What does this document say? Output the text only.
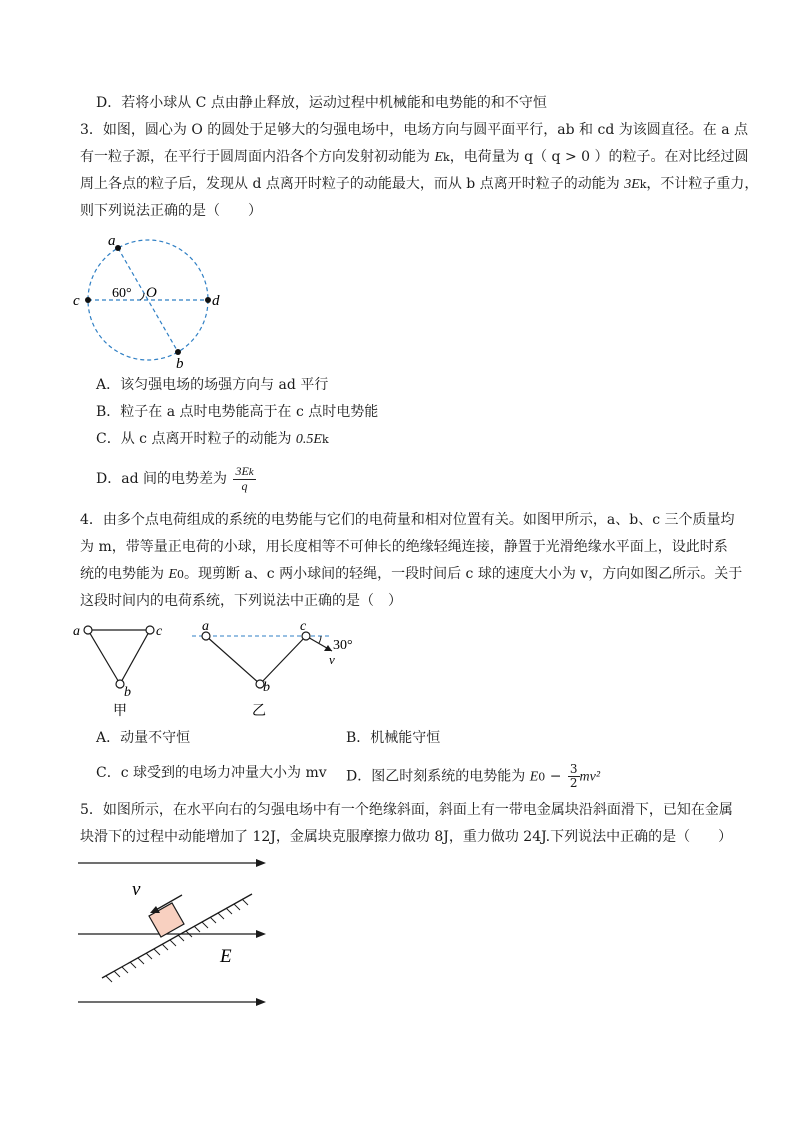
D．若将小球从 C 点由静止释放，运动过程中机械能和电势能的和不守恒
3．如图，圆心为 O 的圆处于足够大的匀强电场中，电场方向与圆平面平行，ab 和 cd 为该圆直径。在 a 点
有一粒子源，在平行于圆周面内沿各个方向发射初动能为 Ek，电荷量为 q（ q > 0 ）的粒子。在对比经过圆
周上各点的粒子后，发现从 d 点离开时粒子的动能最大，而从 b 点离开时粒子的动能为 3Ek，不计粒子重力，
则下列说法正确的是（　　）
a
b
c	d
O
60°
A．该匀强电场的场强方向与 ad 平行
B．粒子在 a 点时电势能高于在 c 点时电势能
C．从 c 点离开时粒子的动能为 0.5Ek
D．ad 间的电势差为 $\frac{3Ek}{q}$
4．由多个点电荷组成的系统的电势能与它们的电荷量和相对位置有关。如图甲所示，a、b、c 三个质量均
为 m，带等量正电荷的小球，用长度相等不可伸长的绝缘轻绳连接，静置于光滑绝缘水平面上，设此时系
统的电势能为 E0。现剪断 a、c 两小球间的轻绳，一段时间后 c 球的速度大小为 v，方向如图乙所示。关于
这段时间内的电荷系统，下列说法中正确的是（　）
a	c
b
甲
a	c
b
30°
v
乙
A．动量不守恒	B．机械能守恒
C．c 球受到的电场力冲量大小为 mv D．图乙时刻系统的电势能为 $E0 - \frac{3}{2} mv^2$
5．如图所示，在水平向右的匀强电场中有一个绝缘斜面，斜面上有一带电金属块沿斜面滑下，已知在金属
块滑下的过程中动能增加了 12J，金属块克服摩擦力做功 8J，重力做功 24J.下列说法中正确的是（　　）
v
E
